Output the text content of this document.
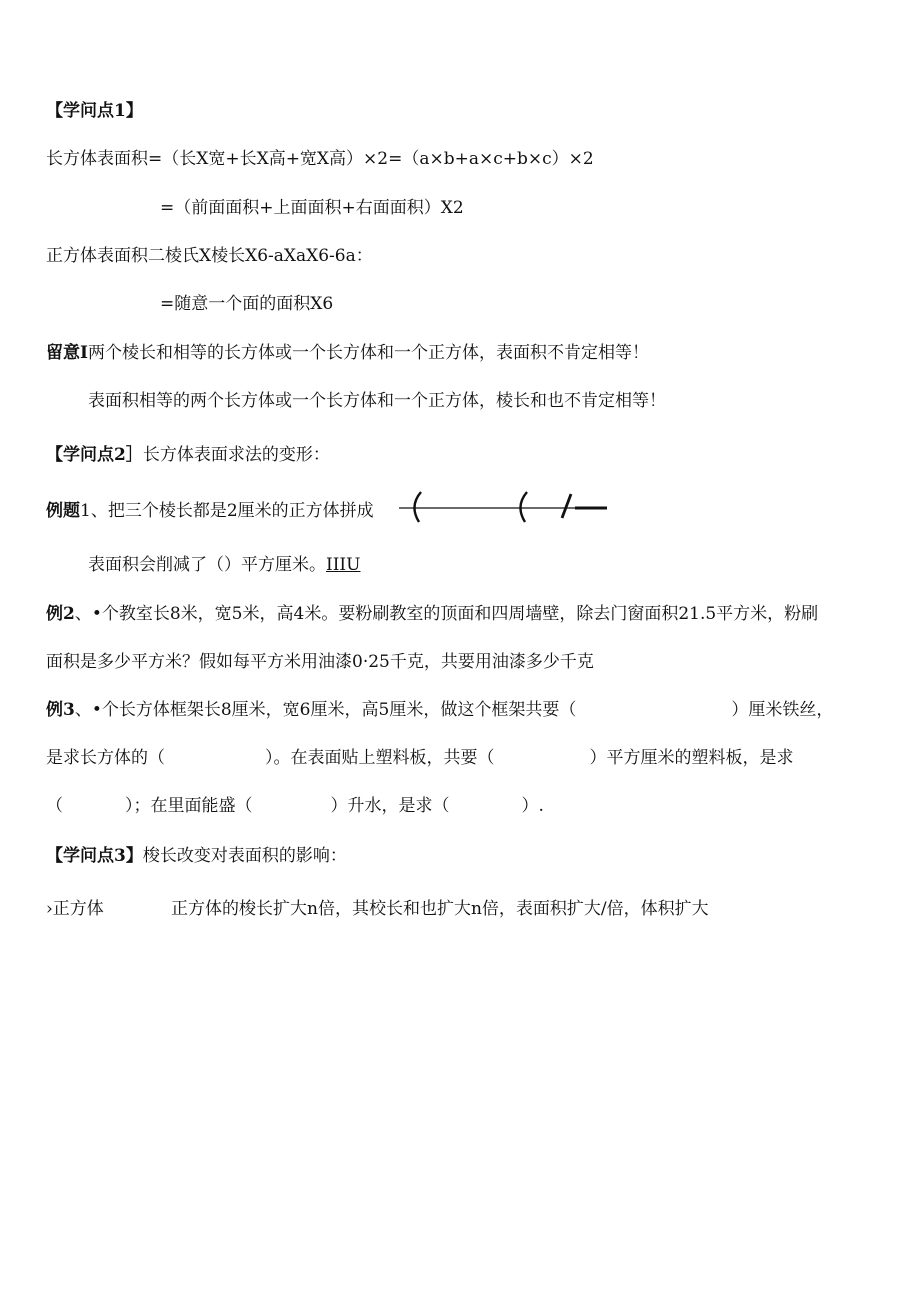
【学问点1】
长方体表面积=（长X宽+长X高+宽X高）×2=（a×b+a×c+b×c）×2
=（前面面积+上面面积+右面面积）X2
正方体表面积二棱氏X棱长X6-aXaX6-6a：
=随意一个面的面积X6
留意I两个棱长和相等的长方体或一个长方体和一个正方体，表面积不肯定相等！
表面积相等的两个长方体或一个长方体和一个正方体，棱长和也不肯定相等！
【学问点2］长方体表面求法的变形：
例题1、把三个棱长都是2厘米的正方体拼成
表面积会削减了（）平方厘米。IIIU
例2、•个教室长8米，宽5米，高4米。要粉刷教室的顶面和四周墙壁，除去门窗面积21.5平方米，粉刷
面积是多少平方米？假如每平方米用油漆0·25千克，共要用油漆多少千克
例3、•个长方体框架长8厘米，宽6厘米，高5厘米，做这个框架共要（	）厘米铁丝，
是求长方体的（	）。在表面贴上塑料板，共要（	）平方厘米的塑料板，是求
（	）；在里面能盛（	）升水，是求（	）.
【学问点3】梭长改变对表面积的影响：
›正方体	正方体的梭长扩大n倍，其校长和也扩大n倍，表面积扩大/倍，体积扩大
